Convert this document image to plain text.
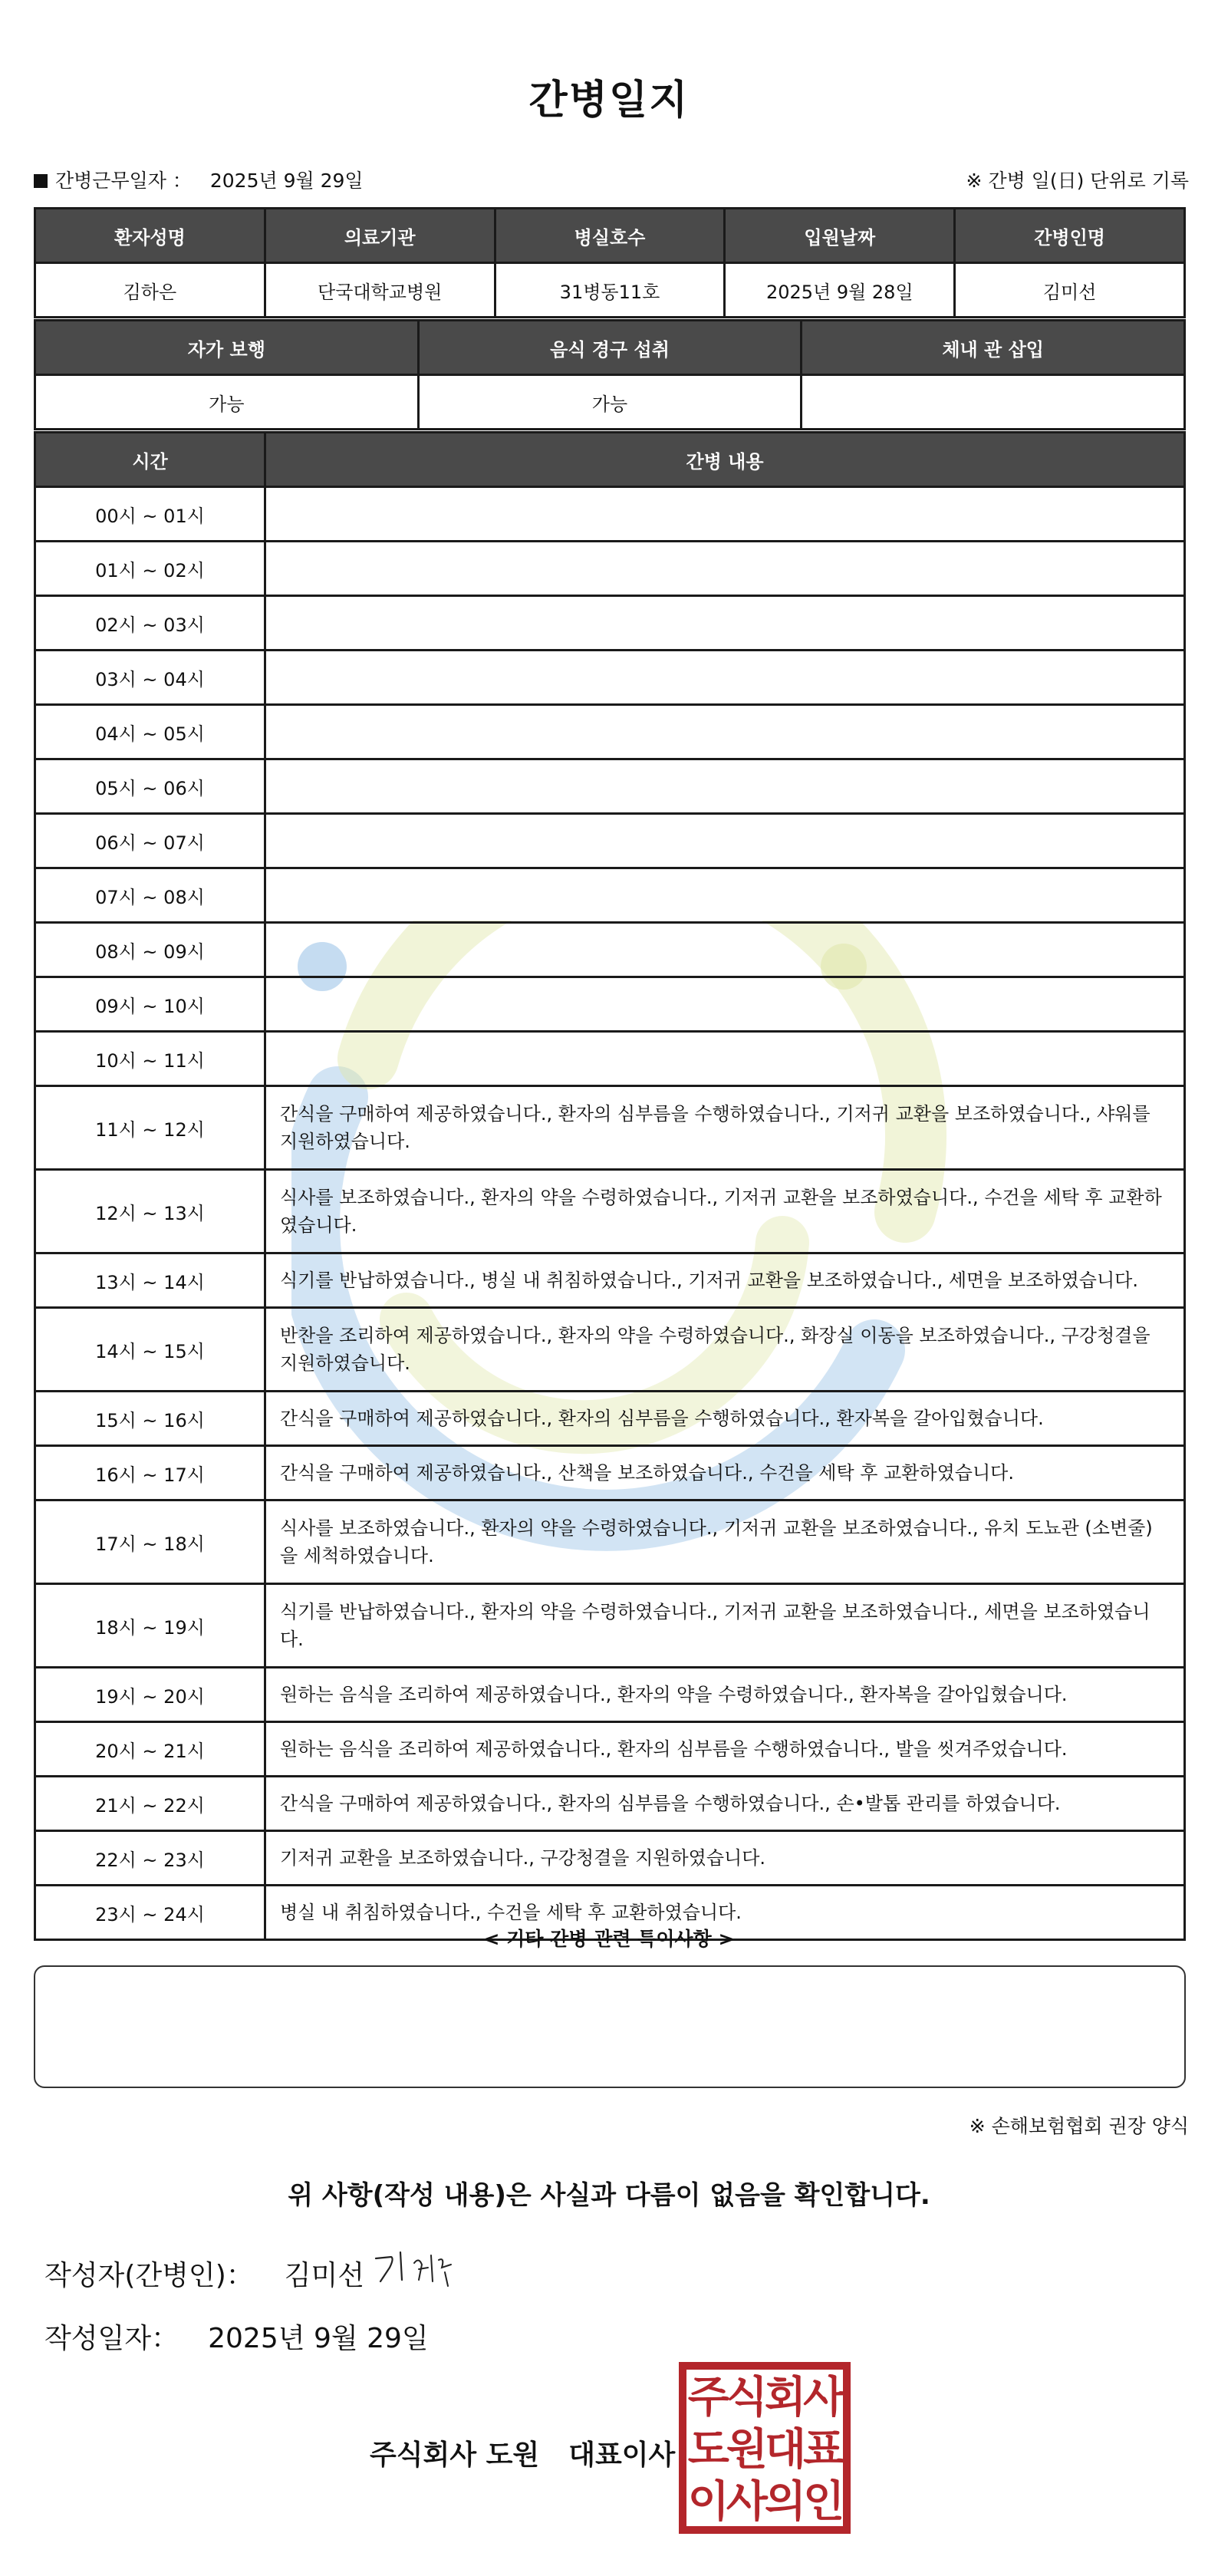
간병일지
간병근무일자 ： 2025년 9월 29일	※ 간병 일(日) 단위로 기록
환자성명	의료기관	병실호수	입원날짜	간병인명
김하은	단국대학교병원	31병동11호	2025년 9월 28일	김미선
자가 보행	음식 경구 섭취	체내 관 삽입
가능	가능	
시간	간병 내용
00시 ~ 01시	
01시 ~ 02시	
02시 ~ 03시	
03시 ~ 04시	
04시 ~ 05시	
05시 ~ 06시	
06시 ~ 07시	
07시 ~ 08시	
08시 ~ 09시	
09시 ~ 10시	
10시 ~ 11시	
11시 ~ 12시	간식을 구매하여 제공하였습니다., 환자의 심부름을 수행하였습니다., 기저귀 교환을 보조하였습니다., 샤워를 지원하였습니다.
12시 ~ 13시	식사를 보조하였습니다., 환자의 약을 수령하였습니다., 기저귀 교환을 보조하였습니다., 수건을 세탁 후 교환하였습니다.
13시 ~ 14시	식기를 반납하였습니다., 병실 내 취침하였습니다., 기저귀 교환을 보조하였습니다., 세면을 보조하였습니다.
14시 ~ 15시	반찬을 조리하여 제공하였습니다., 환자의 약을 수령하였습니다., 화장실 이동을 보조하였습니다., 구강청결을 지원하였습니다.
15시 ~ 16시	간식을 구매하여 제공하였습니다., 환자의 심부름을 수행하였습니다., 환자복을 갈아입혔습니다.
16시 ~ 17시	간식을 구매하여 제공하였습니다., 산책을 보조하였습니다., 수건을 세탁 후 교환하였습니다.
17시 ~ 18시	식사를 보조하였습니다., 환자의 약을 수령하였습니다., 기저귀 교환을 보조하였습니다., 유치 도뇨관 (소변줄)을 세척하였습니다.
18시 ~ 19시	식기를 반납하였습니다., 환자의 약을 수령하였습니다., 기저귀 교환을 보조하였습니다., 세면을 보조하였습니다.
19시 ~ 20시	원하는 음식을 조리하여 제공하였습니다., 환자의 약을 수령하였습니다., 환자복을 갈아입혔습니다.
20시 ~ 21시	원하는 음식을 조리하여 제공하였습니다., 환자의 심부름을 수행하였습니다., 발을 씻겨주었습니다.
21시 ~ 22시	간식을 구매하여 제공하였습니다., 환자의 심부름을 수행하였습니다., 손•발톱 관리를 하였습니다.
22시 ~ 23시	기저귀 교환을 보조하였습니다., 구강청결을 지원하였습니다.
23시 ~ 24시	병실 내 취침하였습니다., 수건을 세탁 후 교환하였습니다.
< 기타 간병 관련 특이사항 >
※ 손해보험협회 권장 양식
위 사항(작성 내용)은 사실과 다름이 없음을 확인합니다.
작성자(간병인)： 김미선
작성일자： 2025년 9월 29일
주식회사 도원 대표이사
주식회사
도원대표
이사의인
